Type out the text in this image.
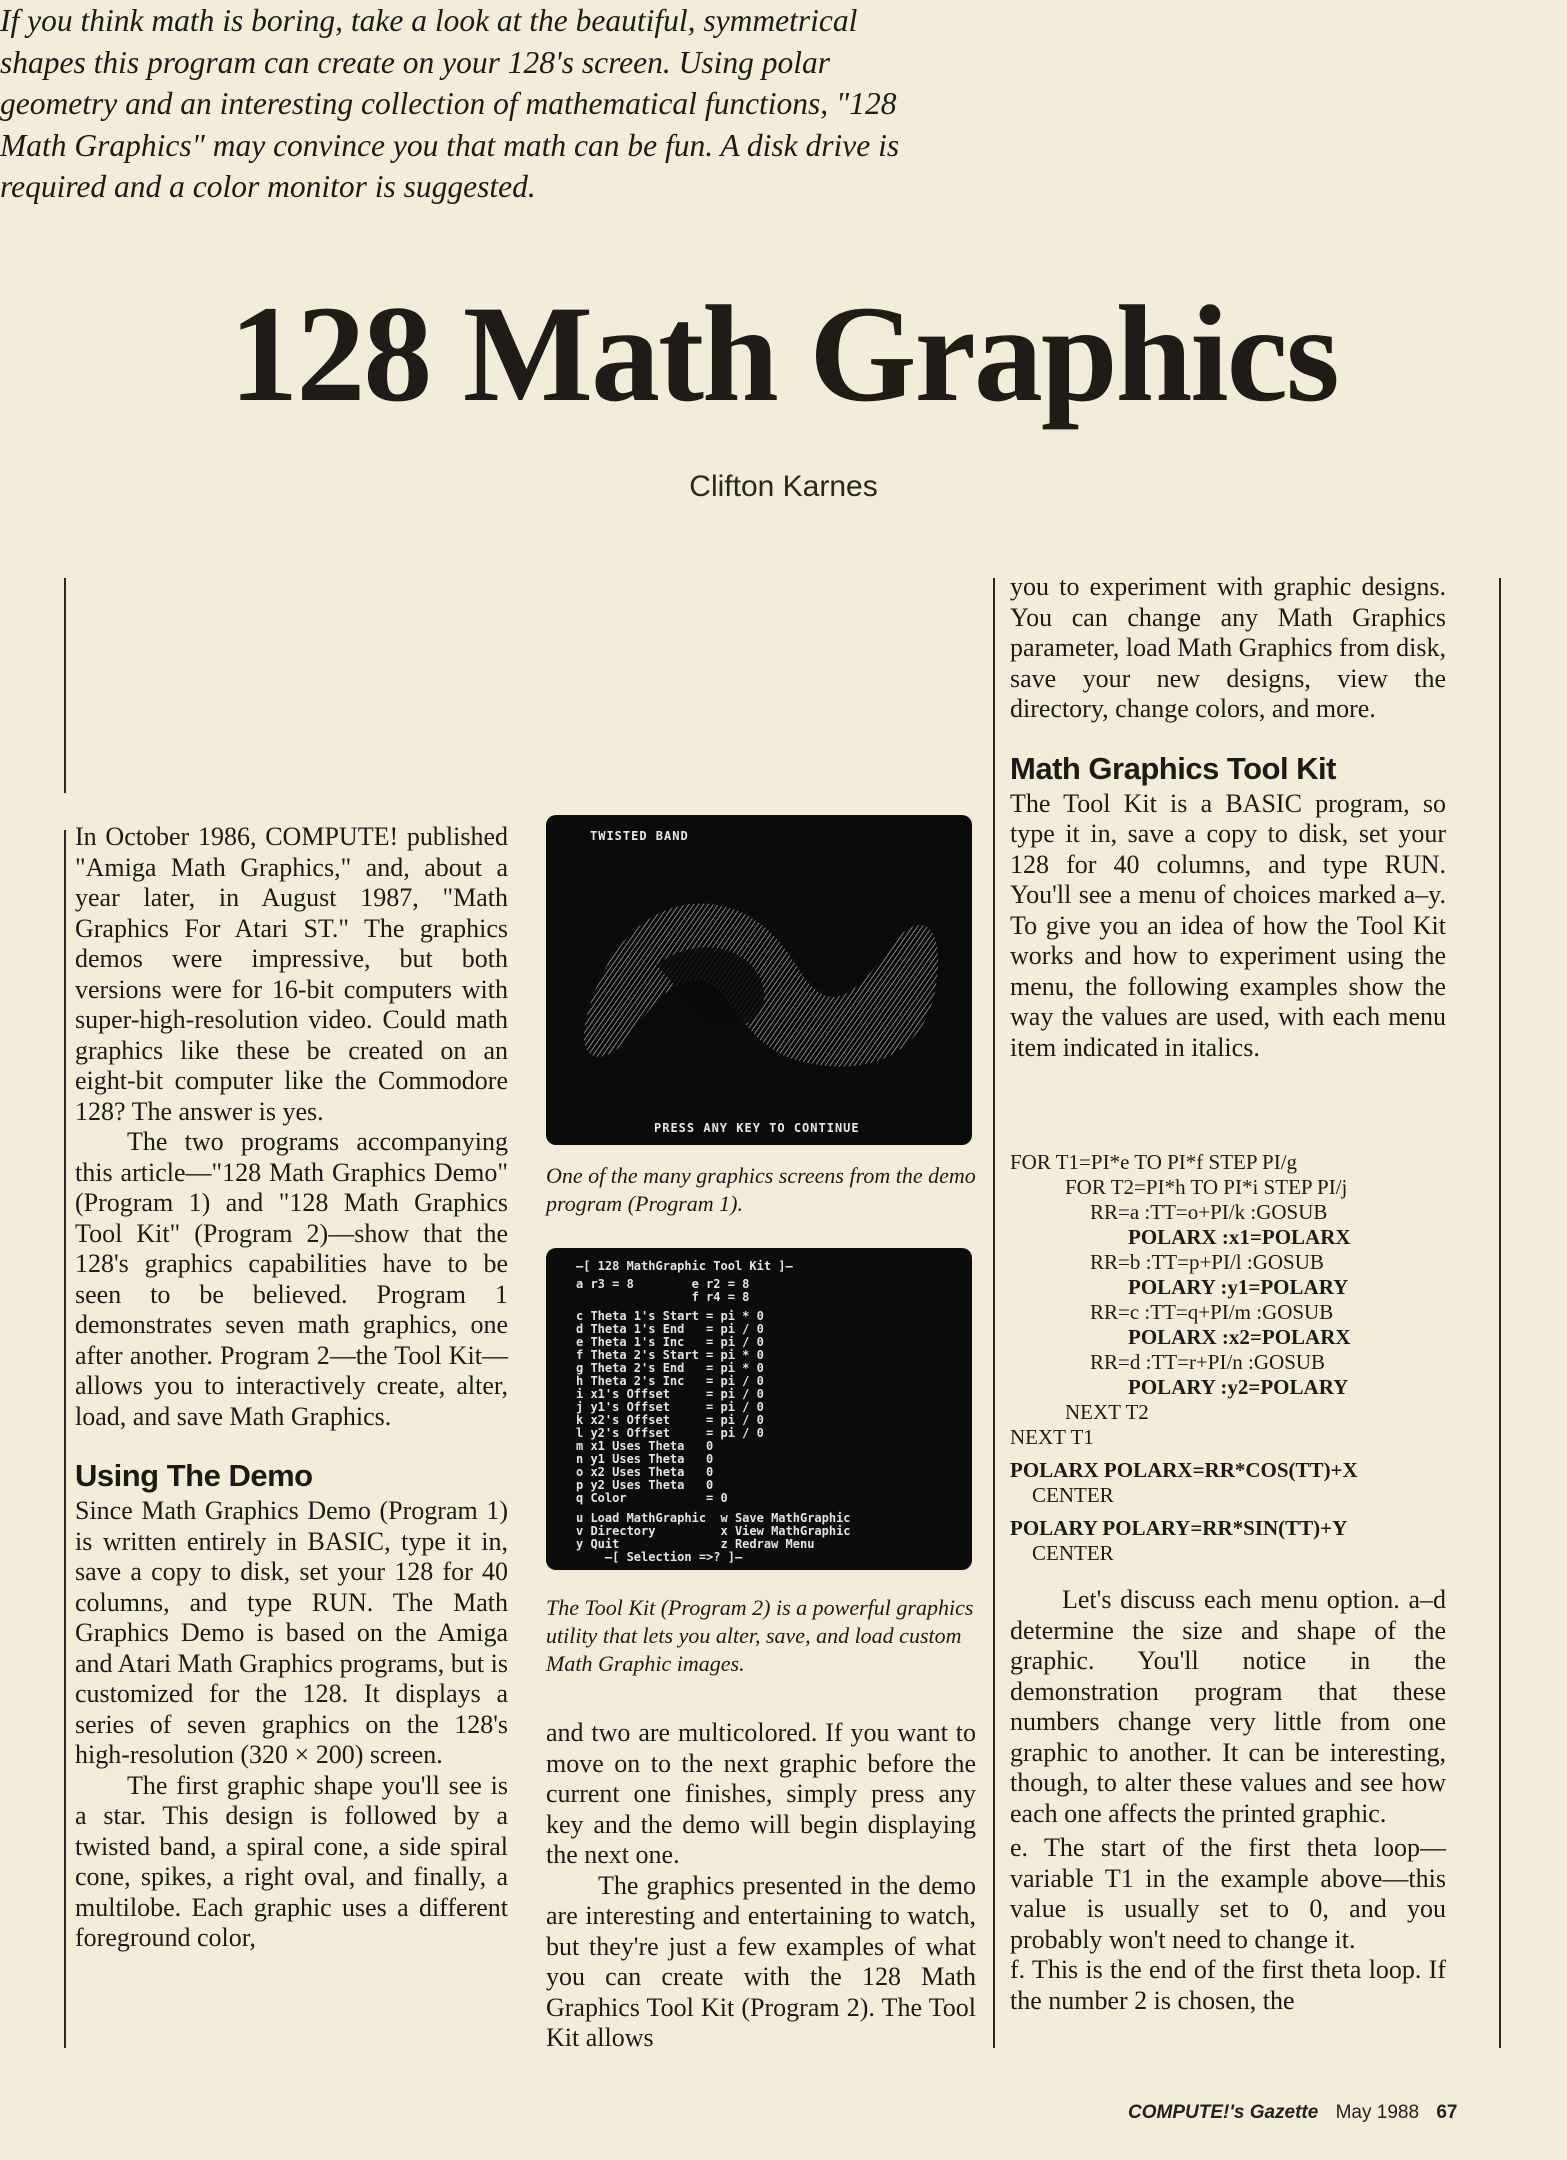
128 Math Graphics
Clifton Karnes
If you think math is boring, take a look at the beautiful, symmetrical shapes this program can create on your 128's screen. Using polar geometry and an interesting collection of mathematical functions, "128 Math Graphics" may convince you that math can be fun. A disk drive is required and a color monitor is suggested.

In October 1986, COMPUTE! published "Amiga Math Graphics," and, about a year later, in August 1987, "Math Graphics For Atari ST." The graphics demos were impressive, but both versions were for 16-bit computers with super-high-resolution video. Could math graphics like these be created on an eight-bit computer like the Commodore 128? The answer is yes.

The two programs accompanying this article—"128 Math Graphics Demo" (Program 1) and "128 Math Graphics Tool Kit" (Program 2)—show that the 128's graphics capabilities have to be seen to be believed. Program 1 demonstrates seven math graphics, one after another. Program 2—the Tool Kit—allows you to interactively create, alter, load, and save Math Graphics.

Using The Demo

Since Math Graphics Demo (Program 1) is written entirely in BASIC, type it in, save a copy to disk, set your 128 for 40 columns, and type RUN. The Math Graphics Demo is based on the Amiga and Atari Math Graphics programs, but is customized for the 128. It displays a series of seven graphics on the 128's high-resolution (320 × 200) screen.

The first graphic shape you'll see is a star. This design is followed by a twisted band, a spiral cone, a side spiral cone, spikes, a right oval, and finally, a multilobe. Each graphic uses a different foreground color,

TWISTED BAND
PRESS ANY KEY TO CONTINUE
One of the many graphics screens from the demo program (Program 1).
—[ 128 MathGraphic Tool Kit ]—
a r3 = 8        e r2 = 8
f r4 = 8
c Theta 1's Start = pi * 0
d Theta 1's End   = pi / 0
e Theta 1's Inc   = pi / 0
f Theta 2's Start = pi * 0
g Theta 2's End   = pi * 0
h Theta 2's Inc   = pi / 0
i x1's Offset     = pi / 0
j y1's Offset     = pi / 0
k x2's Offset     = pi / 0
l y2's Offset     = pi / 0
m x1 Uses Theta   0
n y1 Uses Theta   0
o x2 Uses Theta   0
p y2 Uses Theta   0
q Color           = 0
u Load MathGraphic  w Save MathGraphic
v Directory         x View MathGraphic
y Quit              z Redraw Menu
—[ Selection =>? ]—
The Tool Kit (Program 2) is a powerful graphics utility that lets you alter, save, and load custom Math Graphic images.

and two are multicolored. If you want to move on to the next graphic before the current one finishes, simply press any key and the demo will begin displaying the next one.

The graphics presented in the demo are interesting and entertaining to watch, but they're just a few examples of what you can create with the 128 Math Graphics Tool Kit (Program 2). The Tool Kit allows

you to experiment with graphic designs. You can change any Math Graphics parameter, load Math Graphics from disk, save your new designs, view the directory, change colors, and more.

Math Graphics Tool Kit

The Tool Kit is a BASIC program, so type it in, save a copy to disk, set your 128 for 40 columns, and type RUN. You'll see a menu of choices marked a–y. To give you an idea of how the Tool Kit works and how to experiment using the menu, the following examples show the way the values are used, with each menu item indicated in italics.

FOR T1=PI*e TO PI*f STEP PI/g
FOR T2=PI*h TO PI*i STEP PI/j
RR=a :TT=o+PI/k :GOSUB
POLARX :x1=POLARX
RR=b :TT=p+PI/l :GOSUB
POLARY :y1=POLARY
RR=c :TT=q+PI/m :GOSUB
POLARX :x2=POLARX
RR=d :TT=r+PI/n :GOSUB
POLARY :y2=POLARY
NEXT T2
NEXT T1
POLARX POLARX=RR*COS(TT)+X
CENTER
POLARY POLARY=RR*SIN(TT)+Y
CENTER

Let's discuss each menu option. a–d determine the size and shape of the graphic. You'll notice in the demonstration program that these numbers change very little from one graphic to another. It can be interesting, though, to alter these values and see how each one affects the printed graphic.

e. The start of the first theta loop—variable T1 in the example above—this value is usually set to 0, and you probably won't need to change it.

f. This is the end of the first theta loop. If the number 2 is chosen, the

COMPUTE!'s Gazette May 1988 67
